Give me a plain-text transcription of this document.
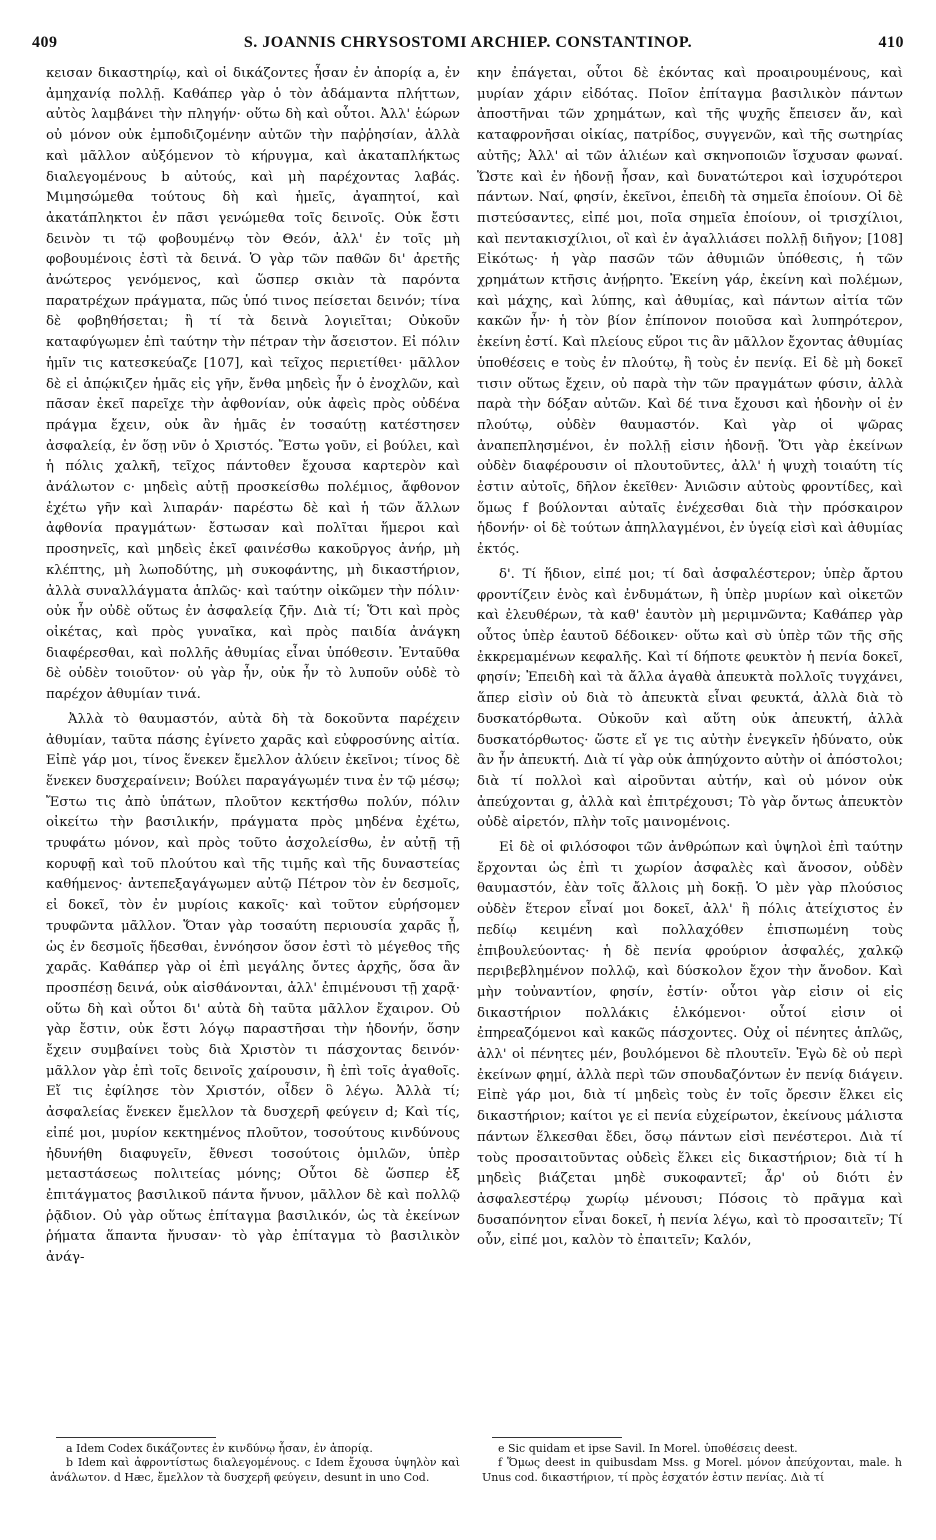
409	S. JOANNIS CHRYSOSTOMI ARCHIEP. CONSTANTINOP.	410

κεισαν δικαστηρίῳ, καὶ οἱ δικάζοντες ἦσαν ἐν ἀπορίᾳ a, ἐν ἀμηχανίᾳ πολλῇ. Καθάπερ γὰρ ὁ τὸν ἀδάμαντα πλήττων, αὐτὸς λαμβάνει τὴν πληγήν· οὕτω δὴ καὶ οὗτοι. Ἀλλ' ἑώρων οὐ μόνον οὐκ ἐμποδιζομένην αὐτῶν τὴν παῤῥησίαν, ἀλλὰ καὶ μᾶλλον αὐξόμενον τὸ κήρυγμα, καὶ ἀκαταπλήκτως διαλεγομένους b αὐτούς, καὶ μὴ παρέχοντας λαβάς. Μιμησώμεθα τούτους δὴ καὶ ἡμεῖς, ἀγαπητοί, καὶ ἀκατάπληκτοι ἐν πᾶσι γενώμεθα τοῖς δεινοῖς. Οὐκ ἔστι δεινὸν τι τῷ φοβουμένῳ τὸν Θεόν, ἀλλ' ἐν τοῖς μὴ φοβουμένοις ἐστὶ τὰ δεινά. Ὁ γὰρ τῶν παθῶν δι' ἀρετῆς ἀνώτερος γενόμενος, καὶ ὥσπερ σκιὰν τὰ παρόντα παρατρέχων πράγματα, πῶς ὑπό τινος πείσεται δεινόν; τίνα δὲ φοβηθήσεται; ἢ τί τὰ δεινὰ λογιεῖται; Οὐκοῦν καταφύγωμεν ἐπὶ ταύτην τὴν πέτραν τὴν ἄσειστον. Εἰ πόλιν ἡμῖν τις κατεσκεύαζε [107], καὶ τεῖχος περιετίθει· μᾶλλον δὲ εἰ ἀπῴκιζεν ἡμᾶς εἰς γῆν, ἔνθα μηδεὶς ἦν ὁ ἐνοχλῶν, καὶ πᾶσαν ἐκεῖ παρεῖχε τὴν ἀφθονίαν, οὐκ ἀφεὶς πρὸς οὐδένα πράγμα ἔχειν, οὐκ ἂν ἡμᾶς ἐν τοσαύτῃ κατέστησεν ἀσφαλείᾳ, ἐν ὅσῃ νῦν ὁ Χριστός. Ἔστω γοῦν, εἰ βούλει, καὶ ἡ πόλις χαλκῆ, τεῖχος πάντοθεν ἔχουσα καρτερὸν καὶ ἀνάλωτον c· μηδεὶς αὐτῇ προσκείσθω πολέμιος, ἄφθονον ἐχέτω γῆν καὶ λιπαράν· παρέστω δὲ καὶ ἡ τῶν ἄλλων ἀφθονία πραγμάτων· ἔστωσαν καὶ πολῖται ἥμεροι καὶ προσηνεῖς, καὶ μηδεὶς ἐκεῖ φαινέσθω κακοῦργος ἀνήρ, μὴ κλέπτης, μὴ λωποδύτης, μὴ συκοφάντης, μὴ δικαστήριον, ἀλλὰ συναλλάγματα ἁπλῶς· καὶ ταύτην οἰκῶμεν τὴν πόλιν· οὐκ ἦν οὐδὲ οὕτως ἐν ἀσφαλείᾳ ζῆν. Διὰ τί; Ὅτι καὶ πρὸς οἰκέτας, καὶ πρὸς γυναῖκα, καὶ πρὸς παιδία ἀνάγκη διαφέρεσθαι, καὶ πολλῆς ἀθυμίας εἶναι ὑπόθεσιν. Ἐνταῦθα δὲ οὐδὲν τοιοῦτον· οὐ γὰρ ἦν, οὐκ ἦν τὸ λυποῦν οὐδὲ τὸ παρέχον ἀθυμίαν τινά.

Ἀλλὰ τὸ θαυμαστόν, αὐτὰ δὴ τὰ δοκοῦντα παρέχειν ἀθυμίαν, ταῦτα πάσης ἐγίνετο χαρᾶς καὶ εὐφροσύνης αἰτία. Εἰπὲ γάρ μοι, τίνος ἕνεκεν ἔμελλον ἀλύειν ἐκεῖνοι; τίνος δὲ ἕνεκεν δυσχεραίνειν; Βούλει παραγάγωμέν τινα ἐν τῷ μέσῳ; Ἔστω τις ἀπὸ ὑπάτων, πλοῦτον κεκτήσθω πολύν, πόλιν οἰκείτω τὴν βασιλικήν, πράγματα πρὸς μηδένα ἐχέτω, τρυφάτω μόνον, καὶ πρὸς τοῦτο ἀσχολείσθω, ἐν αὐτῇ τῇ κορυφῇ καὶ τοῦ πλούτου καὶ τῆς τιμῆς καὶ τῆς δυναστείας καθήμενος· ἀντεπεξαγάγωμεν αὐτῷ Πέτρον τὸν ἐν δεσμοῖς, εἰ δοκεῖ, τὸν ἐν μυρίοις κακοῖς· καὶ τοῦτον εὑρήσομεν τρυφῶντα μᾶλλον. Ὅταν γὰρ τοσαύτη περιουσία χαρᾶς ᾖ, ὡς ἐν δεσμοῖς ἥδεσθαι, ἐννόησον ὅσον ἐστὶ τὸ μέγεθος τῆς χαρᾶς. Καθάπερ γὰρ οἱ ἐπὶ μεγάλης ὄντες ἀρχῆς, ὅσα ἂν προσπέσῃ δεινά, οὐκ αἰσθάνονται, ἀλλ' ἐπιμένουσι τῇ χαρᾷ· οὕτω δὴ καὶ οὗτοι δι' αὐτὰ δὴ ταῦτα μᾶλλον ἔχαιρον. Οὐ γὰρ ἔστιν, οὐκ ἔστι λόγῳ παραστῆσαι τὴν ἡδονήν, ὅσην ἔχειν συμβαίνει τοὺς διὰ Χριστὸν τι πάσχοντας δεινόν· μᾶλλον γὰρ ἐπὶ τοῖς δεινοῖς χαίρουσιν, ἢ ἐπὶ τοῖς ἀγαθοῖς. Εἴ τις ἐφίλησε τὸν Χριστόν, οἶδεν ὃ λέγω. Ἀλλὰ τί; ἀσφαλείας ἕνεκεν ἔμελλον τὰ δυσχερῆ φεύγειν d; Καὶ τίς, εἰπέ μοι, μυρίον κεκτημένος πλοῦτον, τοσούτους κινδύνους ἠδυνήθη διαφυγεῖν, ἔθνεσι τοσούτοις ὁμιλῶν, ὑπὲρ μεταστάσεως πολιτείας μόνης; Οὗτοι δὲ ὥσπερ ἐξ ἐπιτάγματος βασιλικοῦ πάντα ἤνυον, μᾶλλον δὲ καὶ πολλῷ ῥᾷδιον. Οὐ γὰρ οὕτως ἐπίταγμα βασιλικόν, ὡς τὰ ἐκείνων ῥήματα ἅπαντα ἤνυσαν· τὸ γὰρ ἐπίταγμα τὸ βασιλικὸν ἀνάγ-

κην ἐπάγεται, οὗτοι δὲ ἑκόντας καὶ προαιρουμένους, καὶ μυρίαν χάριν εἰδότας. Ποῖον ἐπίταγμα βασιλικὸν πάντων ἀποστῆναι τῶν χρημάτων, καὶ τῆς ψυχῆς ἔπεισεν ἄν, καὶ καταφρονῆσαι οἰκίας, πατρίδος, συγγενῶν, καὶ τῆς σωτηρίας αὐτῆς; Ἀλλ' αἱ τῶν ἁλιέων καὶ σκηνοποιῶν ἴσχυσαν φωναί. Ὥστε καὶ ἐν ἡδονῇ ἦσαν, καὶ δυνατώτεροι καὶ ἰσχυρότεροι πάντων. Ναί, φησίν, ἐκεῖνοι, ἐπειδὴ τὰ σημεῖα ἐποίουν. Οἱ δὲ πιστεύσαντες, εἰπέ μοι, ποῖα σημεῖα ἐποίουν, οἱ τρισχίλιοι, καὶ πεντακισχίλιοι, οἳ καὶ ἐν ἀγαλλιάσει πολλῇ διῆγον; [108] Εἰκότως· ἡ γὰρ πασῶν τῶν ἀθυμιῶν ὑπόθεσις, ἡ τῶν χρημάτων κτῆσις ἀνῄρητο. Ἐκείνη γάρ, ἐκείνη καὶ πολέμων, καὶ μάχης, καὶ λύπης, καὶ ἀθυμίας, καὶ πάντων αἰτία τῶν κακῶν ἦν· ἡ τὸν βίον ἐπίπονον ποιοῦσα καὶ λυπηρότερον, ἐκείνη ἐστί. Καὶ πλείους εὕροι τις ἂν μᾶλλον ἔχοντας ἀθυμίας ὑποθέσεις e τοὺς ἐν πλούτῳ, ἢ τοὺς ἐν πενίᾳ. Εἰ δὲ μὴ δοκεῖ τισιν οὕτως ἔχειν, οὐ παρὰ τὴν τῶν πραγμάτων φύσιν, ἀλλὰ παρὰ τὴν δόξαν αὐτῶν. Καὶ δέ τινα ἔχουσι καὶ ἡδονὴν οἱ ἐν πλούτῳ, οὐδὲν θαυμαστόν. Καὶ γὰρ οἱ ψῶρας ἀναπεπλησμένοι, ἐν πολλῇ εἰσιν ἡδονῇ. Ὅτι γὰρ ἐκείνων οὐδὲν διαφέρουσιν οἱ πλουτοῦντες, ἀλλ' ἡ ψυχὴ τοιαύτη τίς ἐστιν αὐτοῖς, δῆλον ἐκεῖθεν· Ἀνιῶσιν αὐτοὺς φροντίδες, καὶ ὅμως f βούλονται αὐταῖς ἐνέχεσθαι διὰ τὴν πρόσκαιρον ἡδονήν· οἱ δὲ τούτων ἀπηλλαγμένοι, ἐν ὑγείᾳ εἰσὶ καὶ ἀθυμίας ἐκτός.

δ'. Τί ἥδιον, εἰπέ μοι; τί δαὶ ἀσφαλέστερον; ὑπὲρ ἄρτου φροντίζειν ἑνὸς καὶ ἐνδυμάτων, ἢ ὑπὲρ μυρίων καὶ οἰκετῶν καὶ ἐλευθέρων, τὰ καθ' ἑαυτὸν μὴ μεριμνῶντα; Καθάπερ γὰρ οὗτος ὑπὲρ ἑαυτοῦ δέδοικεν· οὕτω καὶ σὺ ὑπὲρ τῶν τῆς σῆς ἐκκρεμαμένων κεφαλῆς. Καὶ τί δήποτε φευκτὸν ἡ πενία δοκεῖ, φησίν; Ἐπειδὴ καὶ τὰ ἄλλα ἀγαθὰ ἀπευκτὰ πολλοῖς τυγχάνει, ἅπερ εἰσὶν οὐ διὰ τὸ ἀπευκτὰ εἶναι φευκτά, ἀλλὰ διὰ τὸ δυσκατόρθωτα. Οὐκοῦν καὶ αὕτη οὐκ ἀπευκτή, ἀλλὰ δυσκατόρθωτος· ὥστε εἴ γε τις αὐτὴν ἐνεγκεῖν ἠδύνατο, οὐκ ἂν ἦν ἀπευκτή. Διὰ τί γὰρ οὐκ ἀπηύχοντο αὐτὴν οἱ ἀπόστολοι; διὰ τί πολλοὶ καὶ αἱροῦνται αὐτήν, καὶ οὐ μόνον οὐκ ἀπεύχονται g, ἀλλὰ καὶ ἐπιτρέχουσι; Τὸ γὰρ ὄντως ἀπευκτὸν οὐδὲ αἱρετόν, πλὴν τοῖς μαινομένοις.

Εἰ δὲ οἱ φιλόσοφοι τῶν ἀνθρώπων καὶ ὑψηλοὶ ἐπὶ ταύτην ἔρχονται ὡς ἐπὶ τι χωρίον ἀσφαλὲς καὶ ἄνοσον, οὐδὲν θαυμαστόν, ἐὰν τοῖς ἄλλοις μὴ δοκῇ. Ὁ μὲν γὰρ πλούσιος οὐδὲν ἕτερον εἶναί μοι δοκεῖ, ἀλλ' ἢ πόλις ἀτείχιστος ἐν πεδίῳ κειμένη καὶ πολλαχόθεν ἐπισπωμένη τοὺς ἐπιβουλεύοντας· ἡ δὲ πενία φρούριον ἀσφαλές, χαλκῷ περιβεβλημένον πολλῷ, καὶ δύσκολον ἔχον τὴν ἄνοδον. Καὶ μὴν τοὐναντίον, φησίν, ἐστίν· οὗτοι γὰρ εἰσιν οἱ εἰς δικαστήριον πολλάκις ἑλκόμενοι· οὗτοί εἰσιν οἱ ἐπηρεαζόμενοι καὶ κακῶς πάσχοντες. Οὐχ οἱ πένητες ἁπλῶς, ἀλλ' οἱ πένητες μέν, βουλόμενοι δὲ πλουτεῖν. Ἐγὼ δὲ οὐ περὶ ἐκείνων φημί, ἀλλὰ περὶ τῶν σπουδαζόντων ἐν πενίᾳ διάγειν. Εἰπὲ γάρ μοι, διὰ τί μηδεὶς τοὺς ἐν τοῖς ὄρεσιν ἕλκει εἰς δικαστήριον; καίτοι γε εἰ πενία εὐχείρωτον, ἐκείνους μάλιστα πάντων ἕλκεσθαι ἔδει, ὅσῳ πάντων εἰσὶ πενέστεροι. Διὰ τί τοὺς προσαιτοῦντας οὐδεὶς ἕλκει εἰς δικαστήριον; διὰ τί h μηδεὶς βιάζεται μηδὲ συκοφαντεῖ; ἆρ' οὐ διότι ἐν ἀσφαλεστέρῳ χωρίῳ μένουσι; Πόσοις τὸ πρᾶγμα καὶ δυσαπόνητον εἶναι δοκεῖ, ἡ πενία λέγω, καὶ τὸ προσαιτεῖν; Τί οὖν, εἰπέ μοι, καλὸν τὸ ἐπαιτεῖν; Καλόν,

a Idem Codex δικάζοντες ἐν κινδύνῳ ἦσαν, ἐν ἀπορίᾳ.

b Idem καὶ ἀφροντίστως διαλεγομένους. c Idem ἔχουσα ὑψηλὸν καὶ ἀνάλωτον. d Hæc, ἔμελλον τὰ δυσχερῆ φεύγειν, desunt in uno Cod.

e Sic quidam et ipse Savil. In Morel. ὑποθέσεις deest.

f Ὅμως deest in quibusdam Mss. g Morel. μόνον ἀπεύχονται, male. h Unus cod. δικαστήριον, τί πρὸς ἐσχατόν ἐστιν πενίας. Διὰ τί
